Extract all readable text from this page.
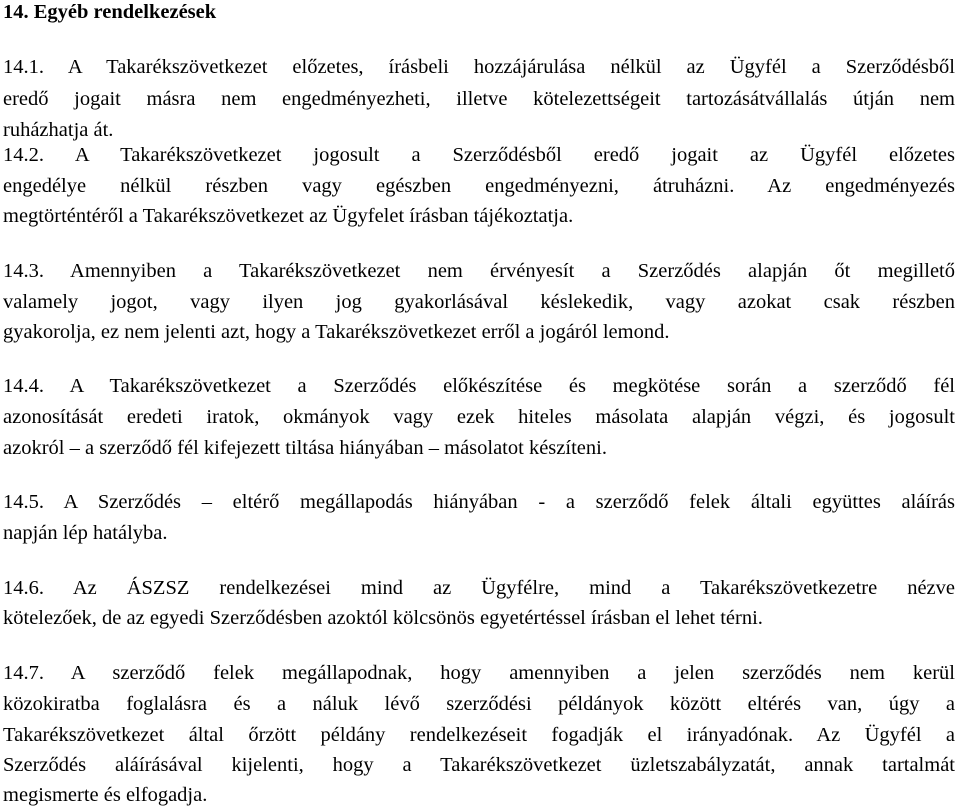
14. Egyéb rendelkezések
14.1. A Takarékszövetkezet előzetes, írásbeli hozzájárulása nélkül az Ügyfél a Szerződésből
eredő jogait másra nem engedményezheti, illetve kötelezettségeit tartozásátvállalás útján nem
ruházhatja át.
14.2. A Takarékszövetkezet jogosult a Szerződésből eredő jogait az Ügyfél előzetes
engedélye nélkül részben vagy egészben engedményezni, átruházni. Az engedményezés
megtörténtéről a Takarékszövetkezet az Ügyfelet írásban tájékoztatja.
14.3. Amennyiben a Takarékszövetkezet nem érvényesít a Szerződés alapján őt megillető
valamely jogot, vagy ilyen jog gyakorlásával késlekedik, vagy azokat csak részben
gyakorolja, ez nem jelenti azt, hogy a Takarékszövetkezet erről a jogáról lemond.
14.4. A Takarékszövetkezet a Szerződés előkészítése és megkötése során a szerződő fél
azonosítását eredeti iratok, okmányok vagy ezek hiteles másolata alapján végzi, és jogosult
azokról – a szerződő fél kifejezett tiltása hiányában – másolatot készíteni.
14.5. A Szerződés – eltérő megállapodás hiányában - a szerződő felek általi együttes aláírás
napján lép hatályba.
14.6. Az ÁSZSZ rendelkezései mind az Ügyfélre, mind a Takarékszövetkezetre nézve
kötelezőek, de az egyedi Szerződésben azoktól kölcsönös egyetértéssel írásban el lehet térni.
14.7. A szerződő felek megállapodnak, hogy amennyiben a jelen szerződés nem kerül
közokiratba foglalásra és a náluk lévő szerződési példányok között eltérés van, úgy a
Takarékszövetkezet által őrzött példány rendelkezéseit fogadják el irányadónak. Az Ügyfél a
Szerződés aláírásával kijelenti, hogy a Takarékszövetkezet üzletszabályzatát, annak tartalmát
megismerte és elfogadja.
